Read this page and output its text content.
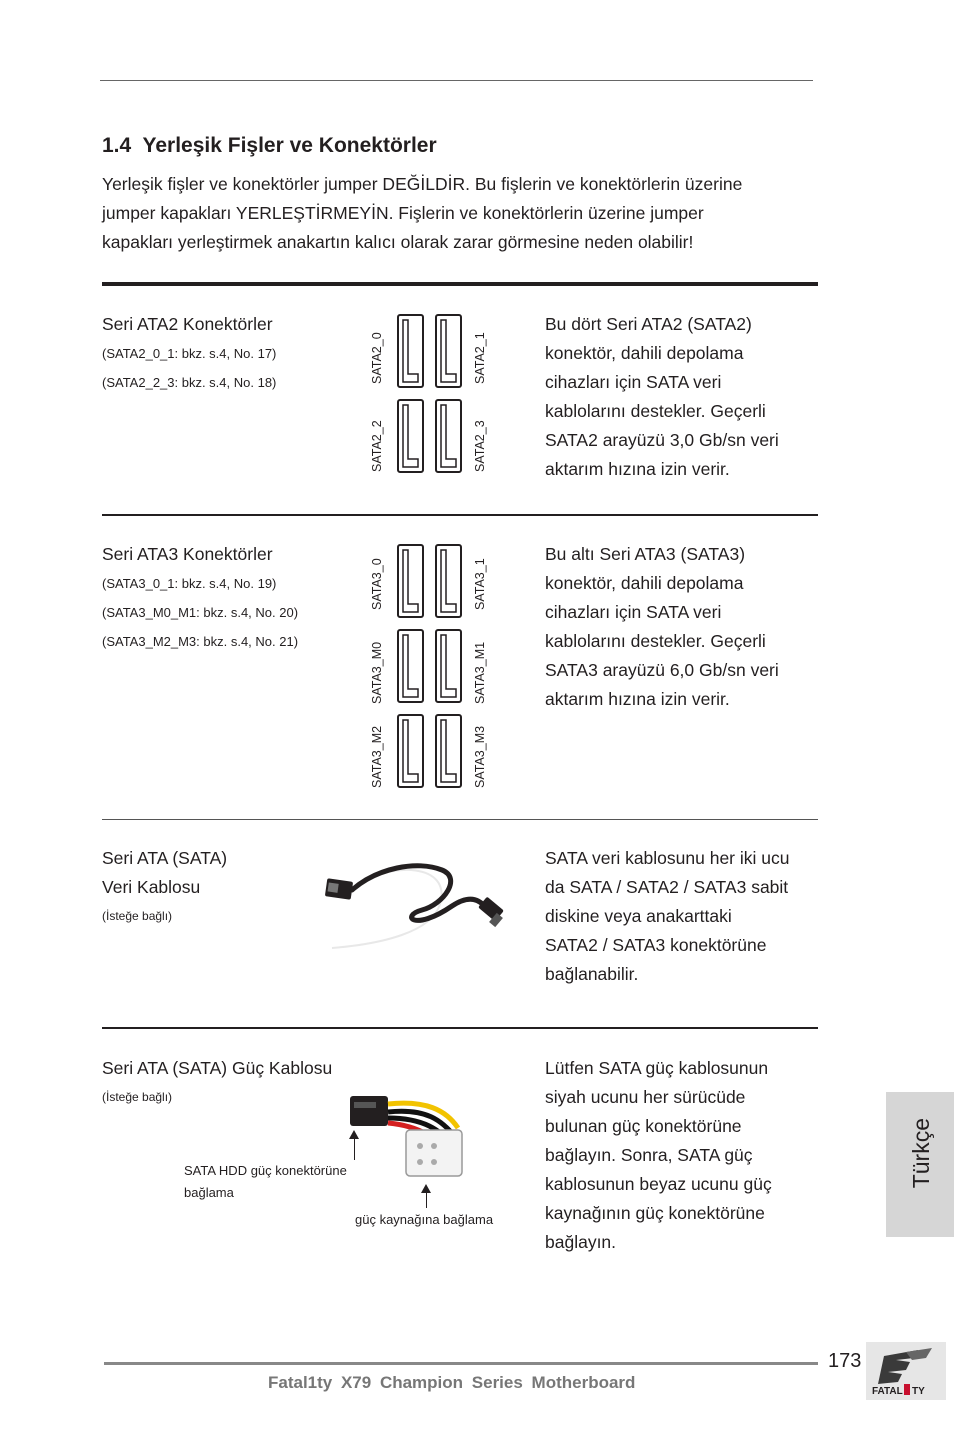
1.4 Yerleşik Fişler ve Konektörler

Yerleşik fişler ve konektörler jumper DEĞİLDİR. Bu fişlerin ve konektörlerin üzerine

jumper kapakları YERLEŞTİRMEYİN. Fişlerin ve konektörlerin üzerine jumper

kapakları yerleştirmek anakartın kalıcı olarak zarar görmesine neden olabilir!

Seri ATA2 Konektörler
(SATA2_0_1: bkz. s.4, No. 17)
(SATA2_2_3: bkz. s.4, No. 18)	SATA2_0	SATA2_1
SATA2_2	SATA2_3

Bu dört Seri ATA2 (SATA2)

konektör, dahili depolama

cihazları için SATA veri

kablolarını destekler. Geçerli

SATA2 arayüzü 3,0 Gb/sn veri

aktarım hızına izin verir.

Seri ATA3 Konektörler
(SATA3_0_1: bkz. s.4, No. 19)
(SATA3_M0_M1: bkz. s.4, No. 20)
(SATA3_M2_M3: bkz. s.4, No. 21)
SATA3_0	SATA3_1
SATA3_M0	SATA3_M1
SATA3_M2	SATA3_M3

Bu altı Seri ATA3 (SATA3)

konektör, dahili depolama

cihazları için SATA veri

kablolarını destekler. Geçerli

SATA3 arayüzü 6,0 Gb/sn veri

aktarım hızına izin verir.

Seri ATA (SATA)
Veri Kablosu
(İsteğe bağlı)

SATA veri kablosunu her iki ucu

da SATA / SATA2 / SATA3 sabit

diskine veya anakarttaki

SATA2 / SATA3 konektörüne

bağlanabilir.

Seri ATA (SATA) Güç Kablosu
(İsteğe bağlı)
SATA HDD güç konektörüne
bağlama
güç kaynağına bağlama

Lütfen SATA güç kablosunun

siyah ucunu her sürücüde

bulunan güç konektörüne

bağlayın. Sonra, SATA güç

kablosunun beyaz ucunu güç

kaynağının güç konektörüne

bağlayın.

Türkçe
173
Fatal1ty X79 Champion Series Motherboard	FATAL TY
